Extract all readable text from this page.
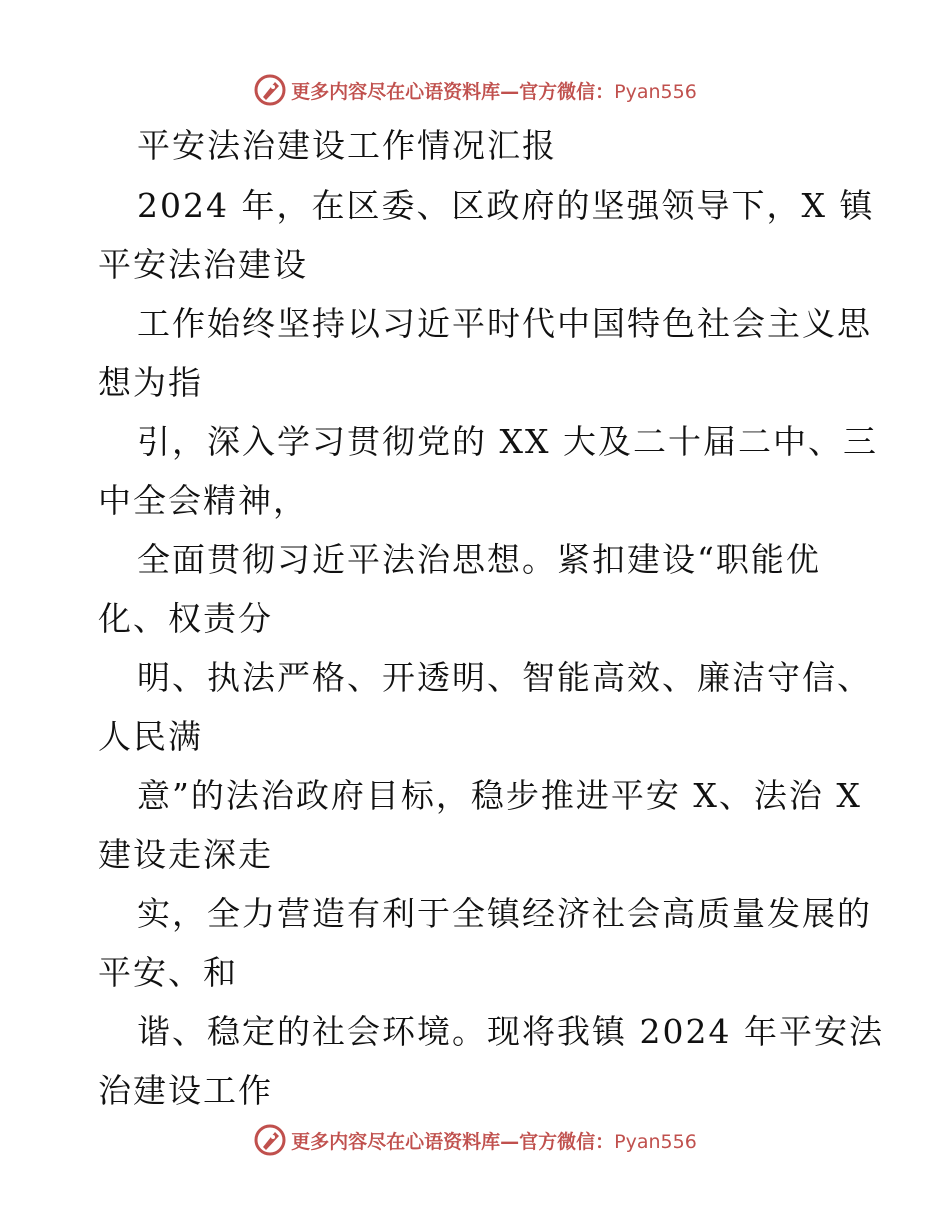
更多内容尽在心语资料库—官方微信：Pyan556
平安法治建设工作情况汇报
2024 年，在区委、区政府的坚强领导下，X 镇
平安法治建设
工作始终坚持以习近平时代中国特色社会主义思
想为指
引，深入学习贯彻党的 XX 大及二十届二中、三
中全会精神，
全面贯彻习近平法治思想。紧扣建设“职能优
化、权责分
明、执法严格、开透明、智能高效、廉洁守信、
人民满
意”的法治政府目标，稳步推进平安 X、法治 X
建设走深走
实，全力营造有利于全镇经济社会高质量发展的
平安、和
谐、稳定的社会环境。现将我镇 2024 年平安法
治建设工作
更多内容尽在心语资料库—官方微信：Pyan556
